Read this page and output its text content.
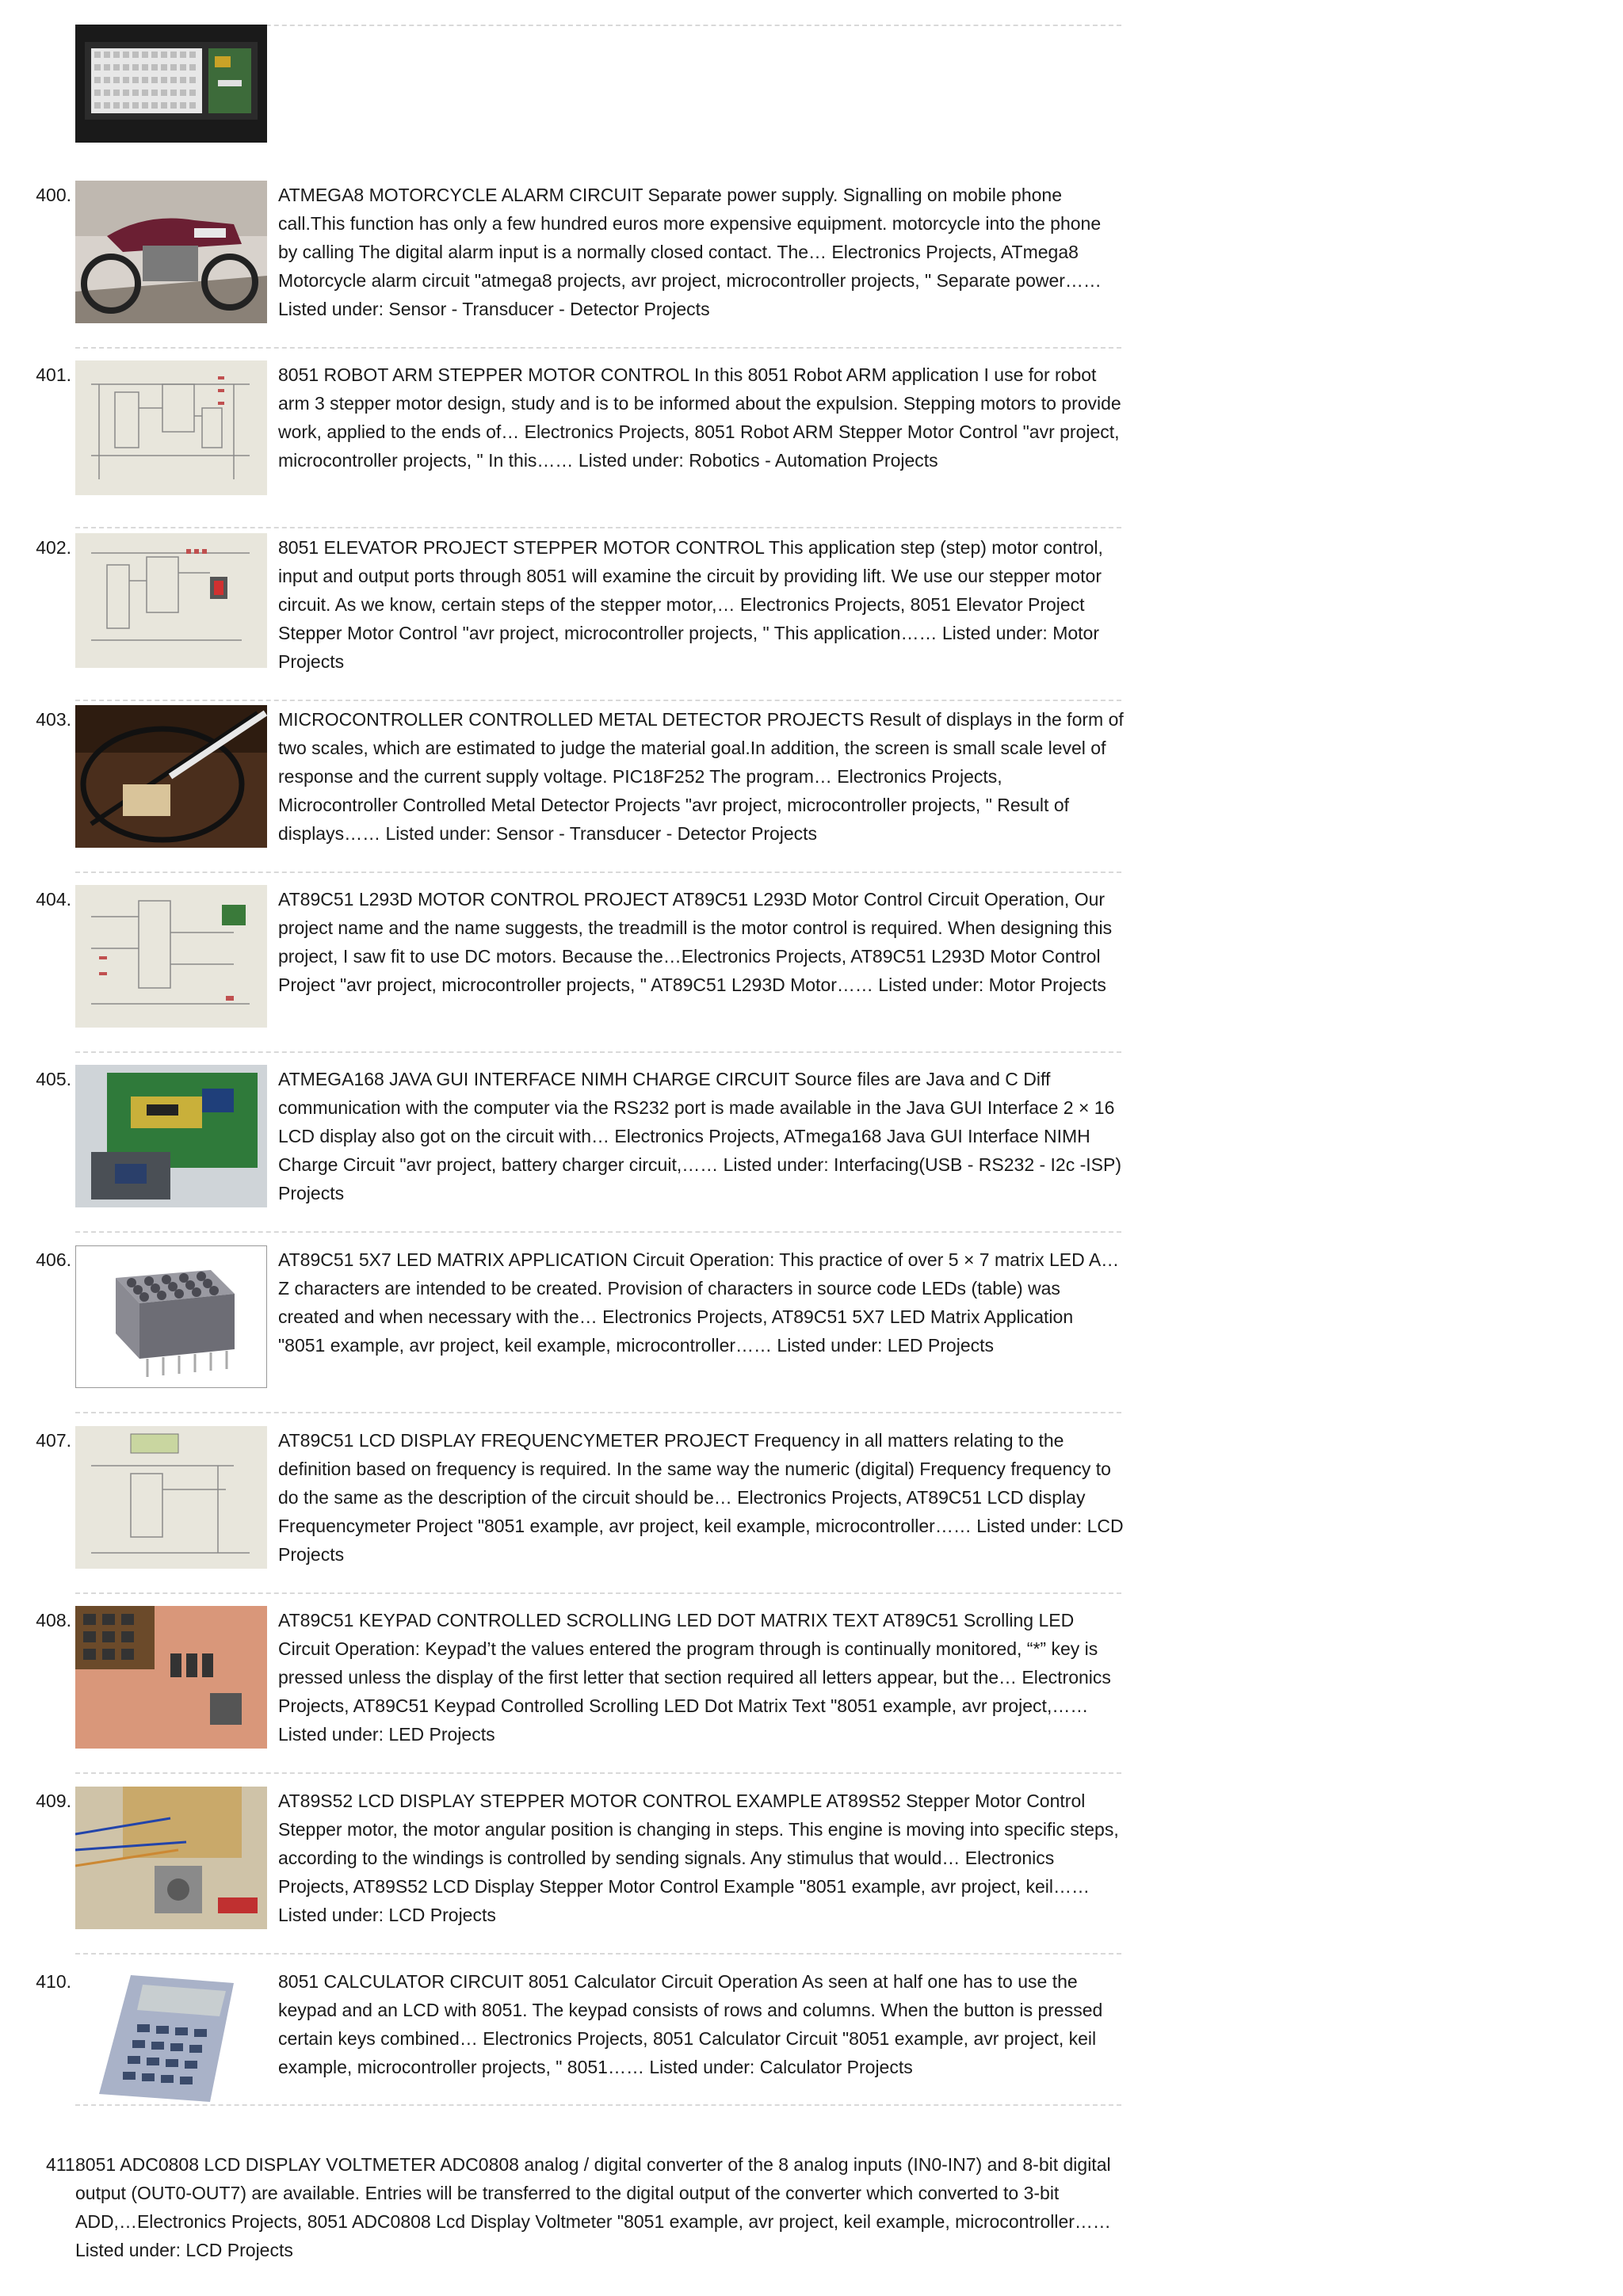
400.	ATMEGA8 MOTORCYCLE ALARM CIRCUIT Separate power supply. Signalling on mobile phone call.This function has only a few hundred euros more expensive equipment. motorcycle into the phone by calling The digital alarm input is a normally closed contact. The… Electronics Projects, ATmega8 Motorcycle alarm circuit "atmega8 projects, avr project, microcontroller projects, " Separate power…… Listed under: Sensor - Transducer - Detector Projects

401.	8051 ROBOT ARM STEPPER MOTOR CONTROL In this 8051 Robot ARM application I use for robot arm 3 stepper motor design, study and is to be informed about the expulsion. Stepping motors to provide work, applied to the ends of… Electronics Projects, 8051 Robot ARM Stepper Motor Control "avr project, microcontroller projects, " In this…… Listed under: Robotics - Automation Projects

402.	8051 ELEVATOR PROJECT STEPPER MOTOR CONTROL This application step (step) motor control, input and output ports through 8051 will examine the circuit by providing lift. We use our stepper motor circuit. As we know, certain steps of the stepper motor,… Electronics Projects, 8051 Elevator Project Stepper Motor Control "avr project, microcontroller projects, " This application…… Listed under: Motor Projects

403.	MICROCONTROLLER CONTROLLED METAL DETECTOR PROJECTS Result of displays in the form of two scales, which are estimated to judge the material goal.In addition, the screen is small scale level of response and the current supply voltage. PIC18F252 The program… Electronics Projects, Microcontroller Controlled Metal Detector Projects "avr project, microcontroller projects, " Result of displays…… Listed under: Sensor - Transducer - Detector Projects

404.	AT89C51 L293D MOTOR CONTROL PROJECT AT89C51 L293D Motor Control Circuit Operation, Our project name and the name suggests, the treadmill is the motor control is required. When designing this project, I saw fit to use DC motors. Because the…Electronics Projects, AT89C51 L293D Motor Control Project "avr project, microcontroller projects, " AT89C51 L293D Motor…… Listed under: Motor Projects

405.	ATMEGA168 JAVA GUI INTERFACE NIMH CHARGE CIRCUIT Source files are Java and C Diff communication with the computer via the RS232 port is made available in the Java GUI Interface 2 × 16 LCD display also got on the circuit with… Electronics Projects, ATmega168 Java GUI Interface NIMH Charge Circuit "avr project, battery charger circuit,…… Listed under: Interfacing(USB - RS232 - I2c -ISP) Projects

406.	AT89C51 5X7 LED MATRIX APPLICATION Circuit Operation: This practice of over 5 × 7 matrix LED A… Z characters are intended to be created. Provision of characters in source code LEDs (table) was created and when necessary with the… Electronics Projects, AT89C51 5X7 LED Matrix Application "8051 example, avr project, keil example, microcontroller…… Listed under: LED Projects

407.	AT89C51 LCD DISPLAY FREQUENCYMETER PROJECT Frequency in all matters relating to the definition based on frequency is required. In the same way the numeric (digital) Frequency frequency to do the same as the description of the circuit should be… Electronics Projects, AT89C51 LCD display Frequencymeter Project "8051 example, avr project, keil example, microcontroller…… Listed under: LCD Projects

408.	AT89C51 KEYPAD CONTROLLED SCROLLING LED DOT MATRIX TEXT AT89C51 Scrolling LED Circuit Operation: Keypad’t the values entered the program through is continually monitored, “*” key is pressed unless the display of the first letter that section required all letters appear, but the… Electronics Projects, AT89C51 Keypad Controlled Scrolling LED Dot Matrix Text "8051 example, avr project,…… Listed under: LED Projects

409.	AT89S52 LCD DISPLAY STEPPER MOTOR CONTROL EXAMPLE AT89S52 Stepper Motor Control Stepper motor, the motor angular position is changing in steps. This engine is moving into specific steps, according to the windings is controlled by sending signals. Any stimulus that would… Electronics Projects, AT89S52 LCD Display Stepper Motor Control Example "8051 example, avr project, keil…… Listed under: LCD Projects

410.	8051 CALCULATOR CIRCUIT 8051 Calculator Circuit Operation As seen at half one has to use the keypad and an LCD with 8051. The keypad consists of rows and columns. When the button is pressed certain keys combined… Electronics Projects, 8051 Calculator Circuit "8051 example, avr project, keil example, microcontroller projects, " 8051…… Listed under: Calculator Projects

411.

8051 ADC0808 LCD DISPLAY VOLTMETER ADC0808 analog / digital converter of the 8 analog inputs (IN0-IN7) and 8-bit digital output (OUT0-OUT7) are available. Entries will be transferred to the digital output of the converter which converted to 3-bit ADD,…Electronics Projects, 8051 ADC0808 Lcd Display Voltmeter "8051 example, avr project, keil example, microcontroller…… Listed under: LCD Projects
